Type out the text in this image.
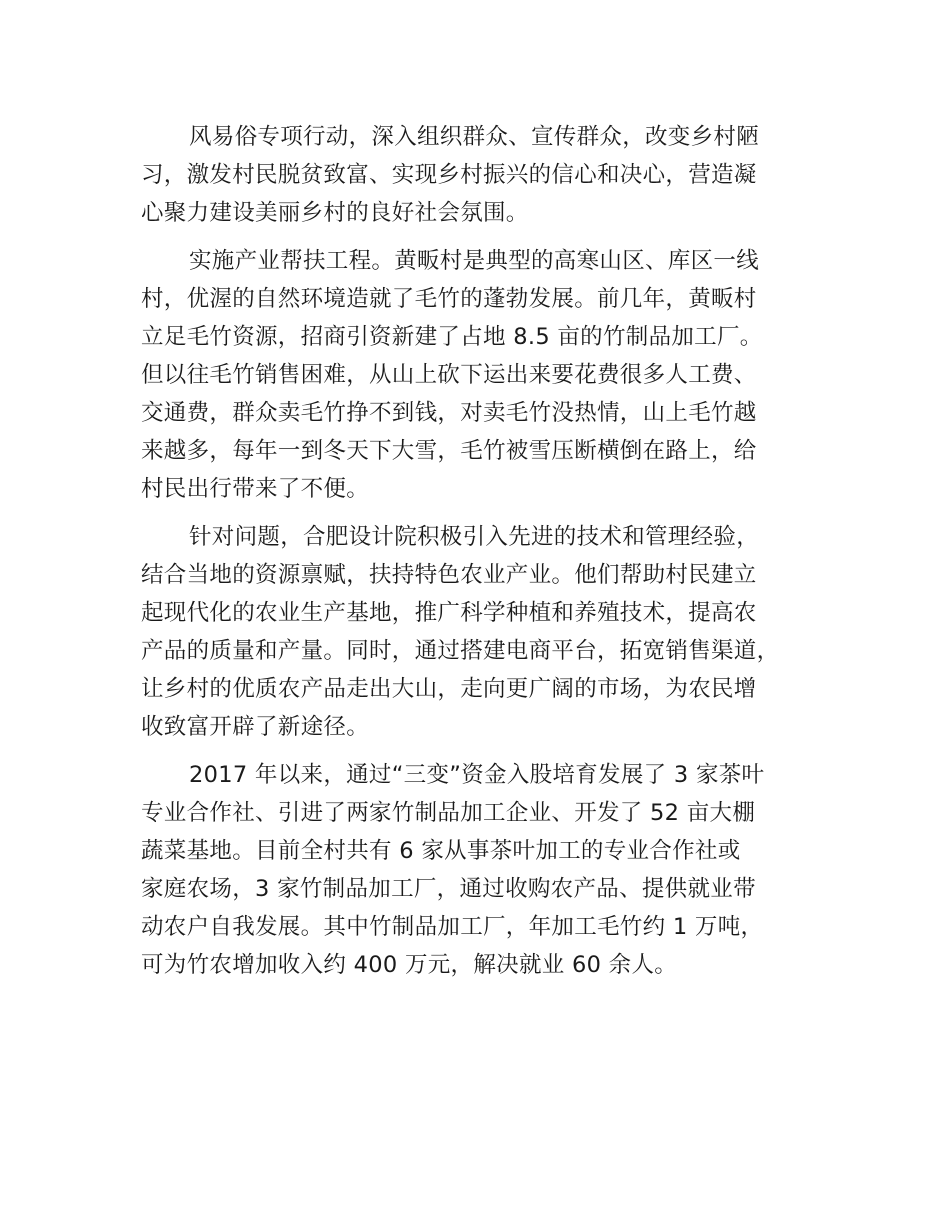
风易俗专项行动，深入组织群众、宣传群众，改变乡村陋
习，激发村民脱贫致富、实现乡村振兴的信心和决心，营造凝
心聚力建设美丽乡村的良好社会氛围。

实施产业帮扶工程。黄畈村是典型的高寒山区、库区一线
村，优渥的自然环境造就了毛竹的蓬勃发展。前几年，黄畈村
立足毛竹资源，招商引资新建了占地 8.5 亩的竹制品加工厂。
但以往毛竹销售困难，从山上砍下运出来要花费很多人工费、
交通费，群众卖毛竹挣不到钱，对卖毛竹没热情，山上毛竹越
来越多，每年一到冬天下大雪，毛竹被雪压断横倒在路上，给
村民出行带来了不便。

针对问题，合肥设计院积极引入先进的技术和管理经验，
结合当地的资源禀赋，扶持特色农业产业。他们帮助村民建立
起现代化的农业生产基地，推广科学种植和养殖技术，提高农
产品的质量和产量。同时，通过搭建电商平台，拓宽销售渠道，
让乡村的优质农产品走出大山，走向更广阔的市场，为农民增
收致富开辟了新途径。

2017 年以来，通过“三变”资金入股培育发展了 3 家茶叶
专业合作社、引进了两家竹制品加工企业、开发了 52 亩大棚
蔬菜基地。目前全村共有 6 家从事茶叶加工的专业合作社或
家庭农场，3 家竹制品加工厂，通过收购农产品、提供就业带
动农户自我发展。其中竹制品加工厂，年加工毛竹约 1 万吨，
可为竹农增加收入约 400 万元，解决就业 60 余人。
